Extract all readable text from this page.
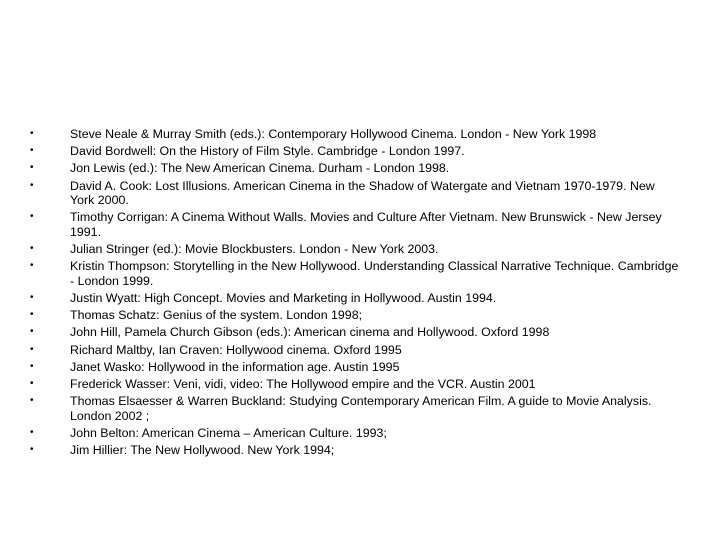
•	Steve Neale & Murray Smith (eds.): Contemporary Hollywood Cinema. London - New York 1998
•	David Bordwell: On the History of Film Style. Cambridge - London 1997.
•	Jon Lewis (ed.): The New American Cinema. Durham - London 1998.
•	David A. Cook: Lost Illusions. American Cinema in the Shadow of Watergate and Vietnam 1970-1979. New York 2000.
•	Timothy Corrigan: A Cinema Without Walls. Movies and Culture After Vietnam. New Brunswick - New Jersey 1991.
•	Julian Stringer (ed.): Movie Blockbusters. London - New York 2003.
•	Kristin Thompson: Storytelling in the New Hollywood. Understanding Classical Narrative Technique. Cambridge - London 1999.
•	Justin Wyatt: High Concept. Movies and Marketing in Hollywood. Austin 1994.
•	Thomas Schatz: Genius of the system. London 1998;
•	John Hill, Pamela Church Gibson (eds.): American cinema and Hollywood. Oxford 1998
•	Richard Maltby, Ian Craven: Hollywood cinema. Oxford 1995
•	Janet Wasko: Hollywood in the information age. Austin 1995
•	Frederick Wasser: Veni, vidi, video: The Hollywood empire and the VCR. Austin 2001
•	Thomas Elsaesser & Warren Buckland: Studying Contemporary American Film. A guide to Movie Analysis. London 2002 ;
•	John Belton: American Cinema – American Culture. 1993;
•	Jim Hillier: The New Hollywood. New York 1994;
